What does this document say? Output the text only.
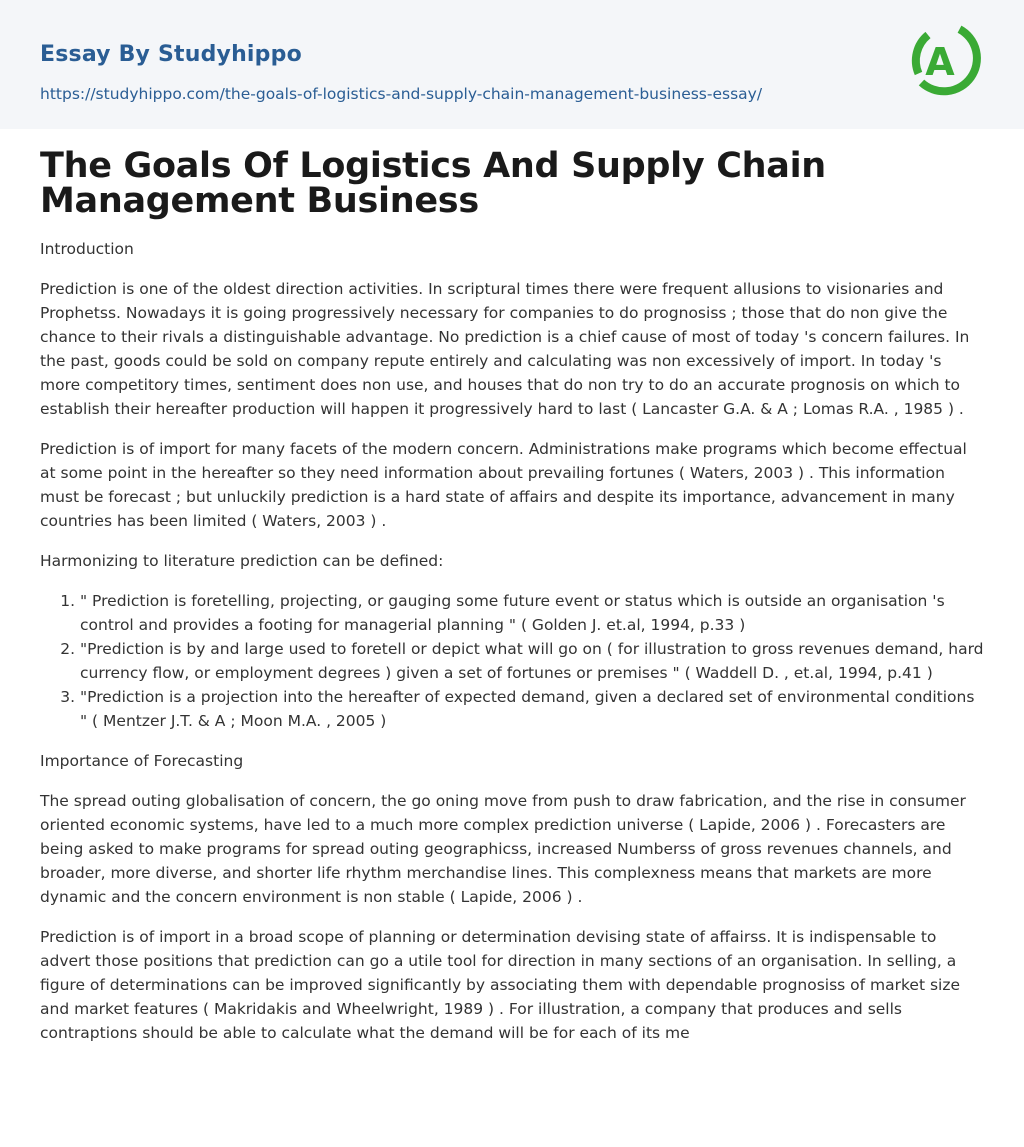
Essay By Studyhippo
https://studyhippo.com/the-goals-of-logistics-and-supply-chain-management-business-essay/
A
The Goals Of Logistics And Supply Chain Management Business
Introduction

Prediction is one of the oldest direction activities. In scriptural times there were frequent allusions to visionaries and Prophetss. Nowadays it is going progressively necessary for companies to do prognosiss ; those that do non give the chance to their rivals a distinguishable advantage. No prediction is a chief cause of most of today 's concern failures. In the past, goods could be sold on company repute entirely and calculating was non excessively of import. In today 's more competitory times, sentiment does non use, and houses that do non try to do an accurate prognosis on which to establish their hereafter production will happen it progressively hard to last ( Lancaster G.A. & A ; Lomas R.A. , 1985 ) .

Prediction is of import for many facets of the modern concern. Administrations make programs which become effectual at some point in the hereafter so they need information about prevailing fortunes ( Waters, 2003 ) . This information must be forecast ; but unluckily prediction is a hard state of affairs and despite its importance, advancement in many countries has been limited ( Waters, 2003 ) .

Harmonizing to literature prediction can be defined:

1. " Prediction is foretelling, projecting, or gauging some future event or status which is outside an organisation 's control and provides a footing for managerial planning " ( Golden J. et.al, 1994, p.33 )
2. "Prediction is by and large used to foretell or depict what will go on ( for illustration to gross revenues demand, hard currency flow, or employment degrees ) given a set of fortunes or premises " ( Waddell D. , et.al, 1994, p.41 )
3. "Prediction is a projection into the hereafter of expected demand, given a declared set of environmental conditions " ( Mentzer J.T. & A ; Moon M.A. , 2005 )
Importance of Forecasting

The spread outing globalisation of concern, the go oning move from push to draw fabrication, and the rise in consumer oriented economic systems, have led to a much more complex prediction universe ( Lapide, 2006 ) . Forecasters are being asked to make programs for spread outing geographicss, increased Numberss of gross revenues channels, and broader, more diverse, and shorter life rhythm merchandise lines. This complexness means that markets are more dynamic and the concern environment is non stable ( Lapide, 2006 ) .

Prediction is of import in a broad scope of planning or determination devising state of affairss. It is indispensable to advert those positions that prediction can go a utile tool for direction in many sections of an organisation. In selling, a figure of determinations can be improved significantly by associating them with dependable prognosiss of market size and market features ( Makridakis and Wheelwright, 1989 ) . For illustration, a company that produces and sells contraptions should be able to calculate what the demand will be for each of its me
